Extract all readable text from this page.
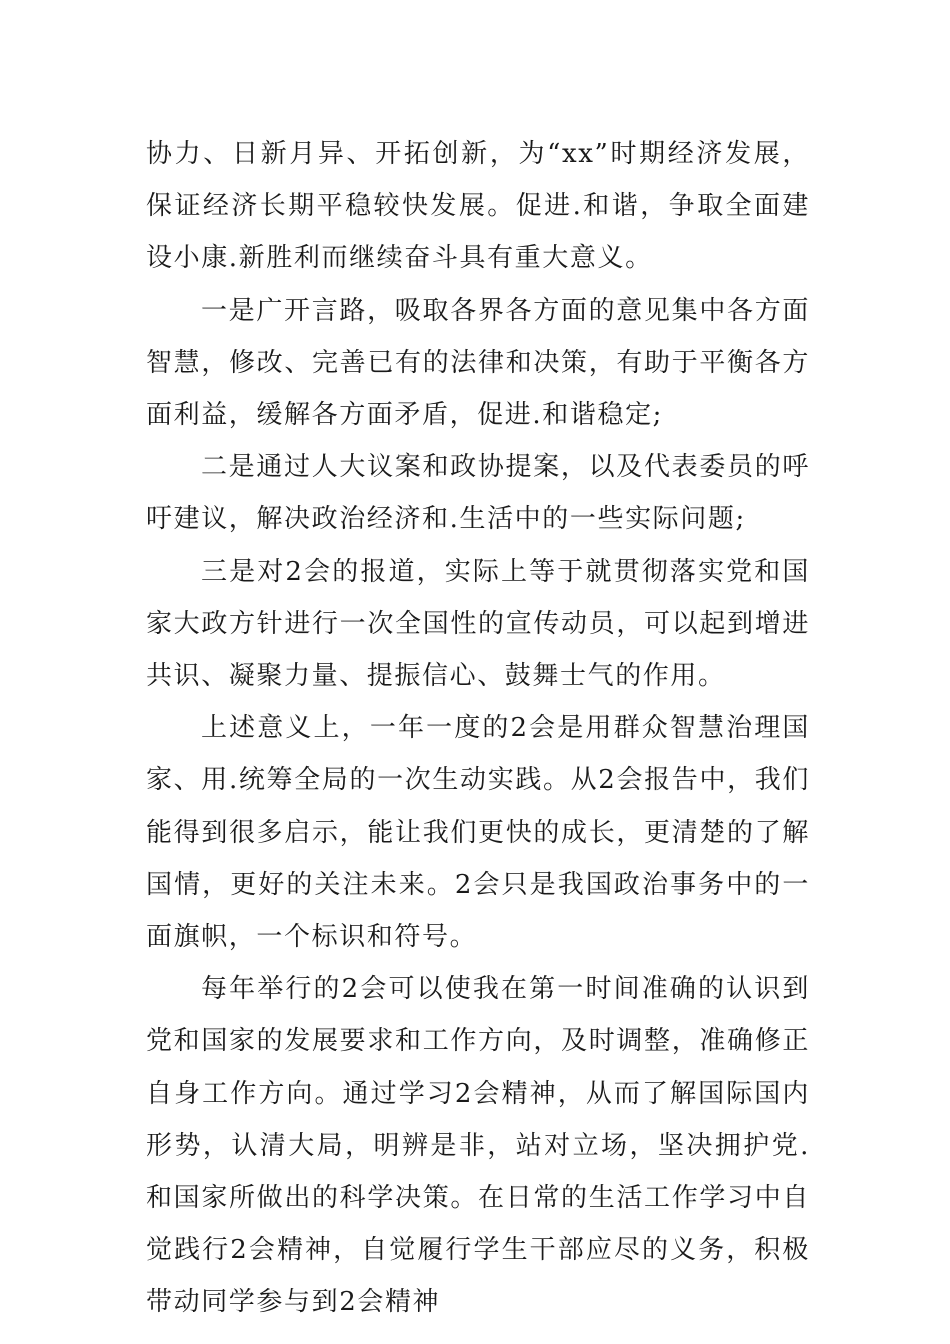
协力、日新月异、开拓创新，为“xx”时期经济发展，保证经济长期平稳较快发展。促进.和谐，争取全面建设小康.新胜利而继续奋斗具有重大意义。

一是广开言路，吸取各界各方面的意见集中各方面智慧，修改、完善已有的法律和决策，有助于平衡各方面利益，缓解各方面矛盾，促进.和谐稳定;

二是通过人大议案和政协提案，以及代表委员的呼吁建议，解决政治经济和.生活中的一些实际问题;

三是对2会的报道，实际上等于就贯彻落实党和国家大政方针进行一次全国性的宣传动员，可以起到增进共识、凝聚力量、提振信心、鼓舞士气的作用。

上述意义上，一年一度的2会是用群众智慧治理国家、用.统筹全局的一次生动实践。从2会报告中，我们能得到很多启示，能让我们更快的成长，更清楚的了解国情，更好的关注未来。2会只是我国政治事务中的一面旗帜，一个标识和符号。

每年举行的2会可以使我在第一时间准确的认识到党和国家的发展要求和工作方向，及时调整，准确修正自身工作方向。通过学习2会精神，从而了解国际国内形势，认清大局，明辨是非，站对立场，坚决拥护党.和国家所做出的科学决策。在日常的生活工作学习中自觉践行2会精神，自觉履行学生干部应尽的义务，积极带动同学参与到2会精神
